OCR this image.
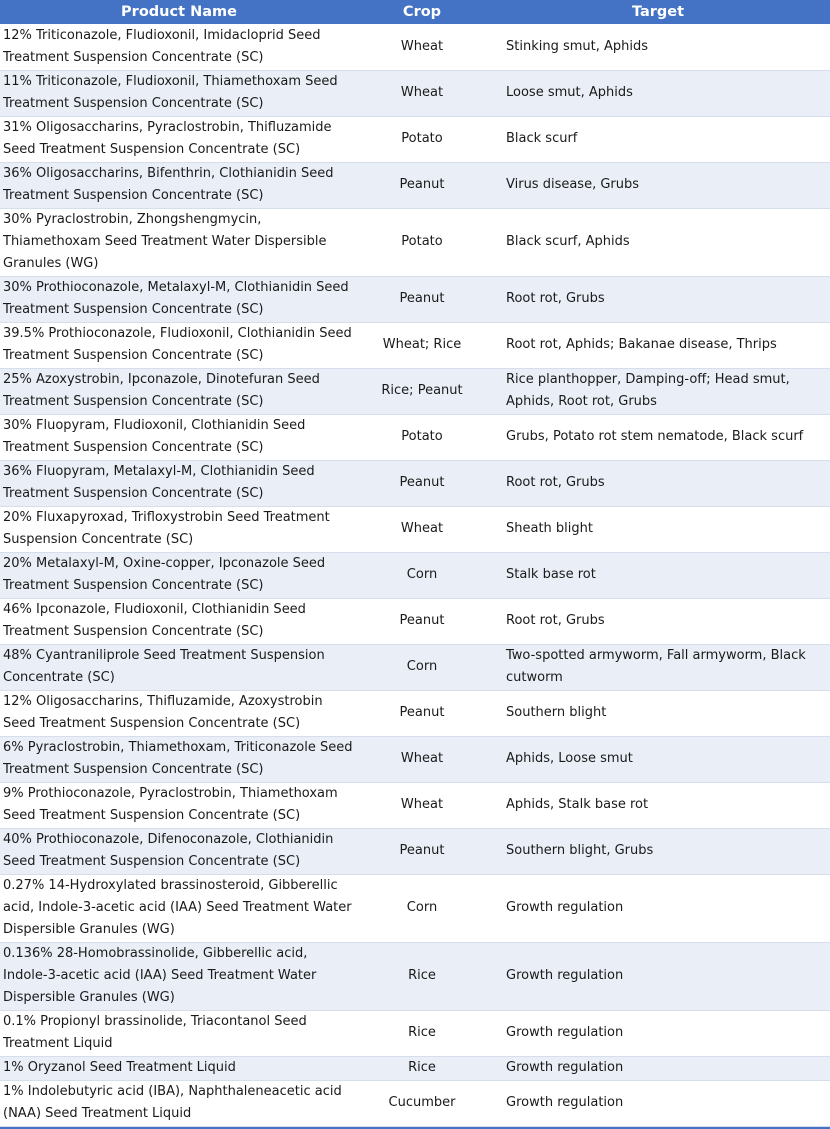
Product Name	Crop	Target
12% Triticonazole, Fludioxonil, Imidacloprid Seed Treatment Suspension Concentrate (SC)	Wheat	Stinking smut, Aphids
11% Triticonazole, Fludioxonil, Thiamethoxam Seed Treatment Suspension Concentrate (SC)	Wheat	Loose smut, Aphids
31% Oligosaccharins, Pyraclostrobin, Thifluzamide Seed Treatment Suspension Concentrate (SC)	Potato	Black scurf
36% Oligosaccharins, Bifenthrin, Clothianidin Seed Treatment Suspension Concentrate (SC)	Peanut	Virus disease, Grubs
30% Pyraclostrobin, Zhongshengmycin, Thiamethoxam Seed Treatment Water Dispersible Granules (WG)	Potato	Black scurf, Aphids
30% Prothioconazole, Metalaxyl-M, Clothianidin Seed Treatment Suspension Concentrate (SC)	Peanut	Root rot, Grubs
39.5% Prothioconazole, Fludioxonil, Clothianidin Seed Treatment Suspension Concentrate (SC)	Wheat; Rice	Root rot, Aphids; Bakanae disease, Thrips
25% Azoxystrobin, Ipconazole, Dinotefuran Seed Treatment Suspension Concentrate (SC)	Rice; Peanut	Rice planthopper, Damping-off; Head smut, Aphids, Root rot, Grubs
30% Fluopyram, Fludioxonil, Clothianidin Seed Treatment Suspension Concentrate (SC)	Potato	Grubs, Potato rot stem nematode, Black scurf
36% Fluopyram, Metalaxyl-M, Clothianidin Seed Treatment Suspension Concentrate (SC)	Peanut	Root rot, Grubs
20% Fluxapyroxad, Trifloxystrobin Seed Treatment Suspension Concentrate (SC)	Wheat	Sheath blight
20% Metalaxyl-M, Oxine-copper, Ipconazole Seed Treatment Suspension Concentrate (SC)	Corn	Stalk base rot
46% Ipconazole, Fludioxonil, Clothianidin Seed Treatment Suspension Concentrate (SC)	Peanut	Root rot, Grubs
48% Cyantraniliprole Seed Treatment Suspension Concentrate (SC)	Corn	Two-spotted armyworm, Fall armyworm, Black cutworm
12% Oligosaccharins, Thifluzamide, Azoxystrobin Seed Treatment Suspension Concentrate (SC)	Peanut	Southern blight
6% Pyraclostrobin, Thiamethoxam, Triticonazole Seed Treatment Suspension Concentrate (SC)	Wheat	Aphids, Loose smut
9% Prothioconazole, Pyraclostrobin, Thiamethoxam Seed Treatment Suspension Concentrate (SC)	Wheat	Aphids, Stalk base rot
40% Prothioconazole, Difenoconazole, Clothianidin Seed Treatment Suspension Concentrate (SC)	Peanut	Southern blight, Grubs
0.27% 14-Hydroxylated brassinosteroid, Gibberellic acid, Indole-3-acetic acid (IAA) Seed Treatment Water Dispersible Granules (WG)	Corn	Growth regulation
0.136% 28-Homobrassinolide, Gibberellic acid, Indole-3-acetic acid (IAA) Seed Treatment Water Dispersible Granules (WG)	Rice	Growth regulation
0.1% Propionyl brassinolide, Triacontanol Seed Treatment Liquid	Rice	Growth regulation
1% Oryzanol Seed Treatment Liquid	Rice	Growth regulation
1% Indolebutyric acid (IBA), Naphthaleneacetic acid (NAA) Seed Treatment Liquid	Cucumber	Growth regulation
